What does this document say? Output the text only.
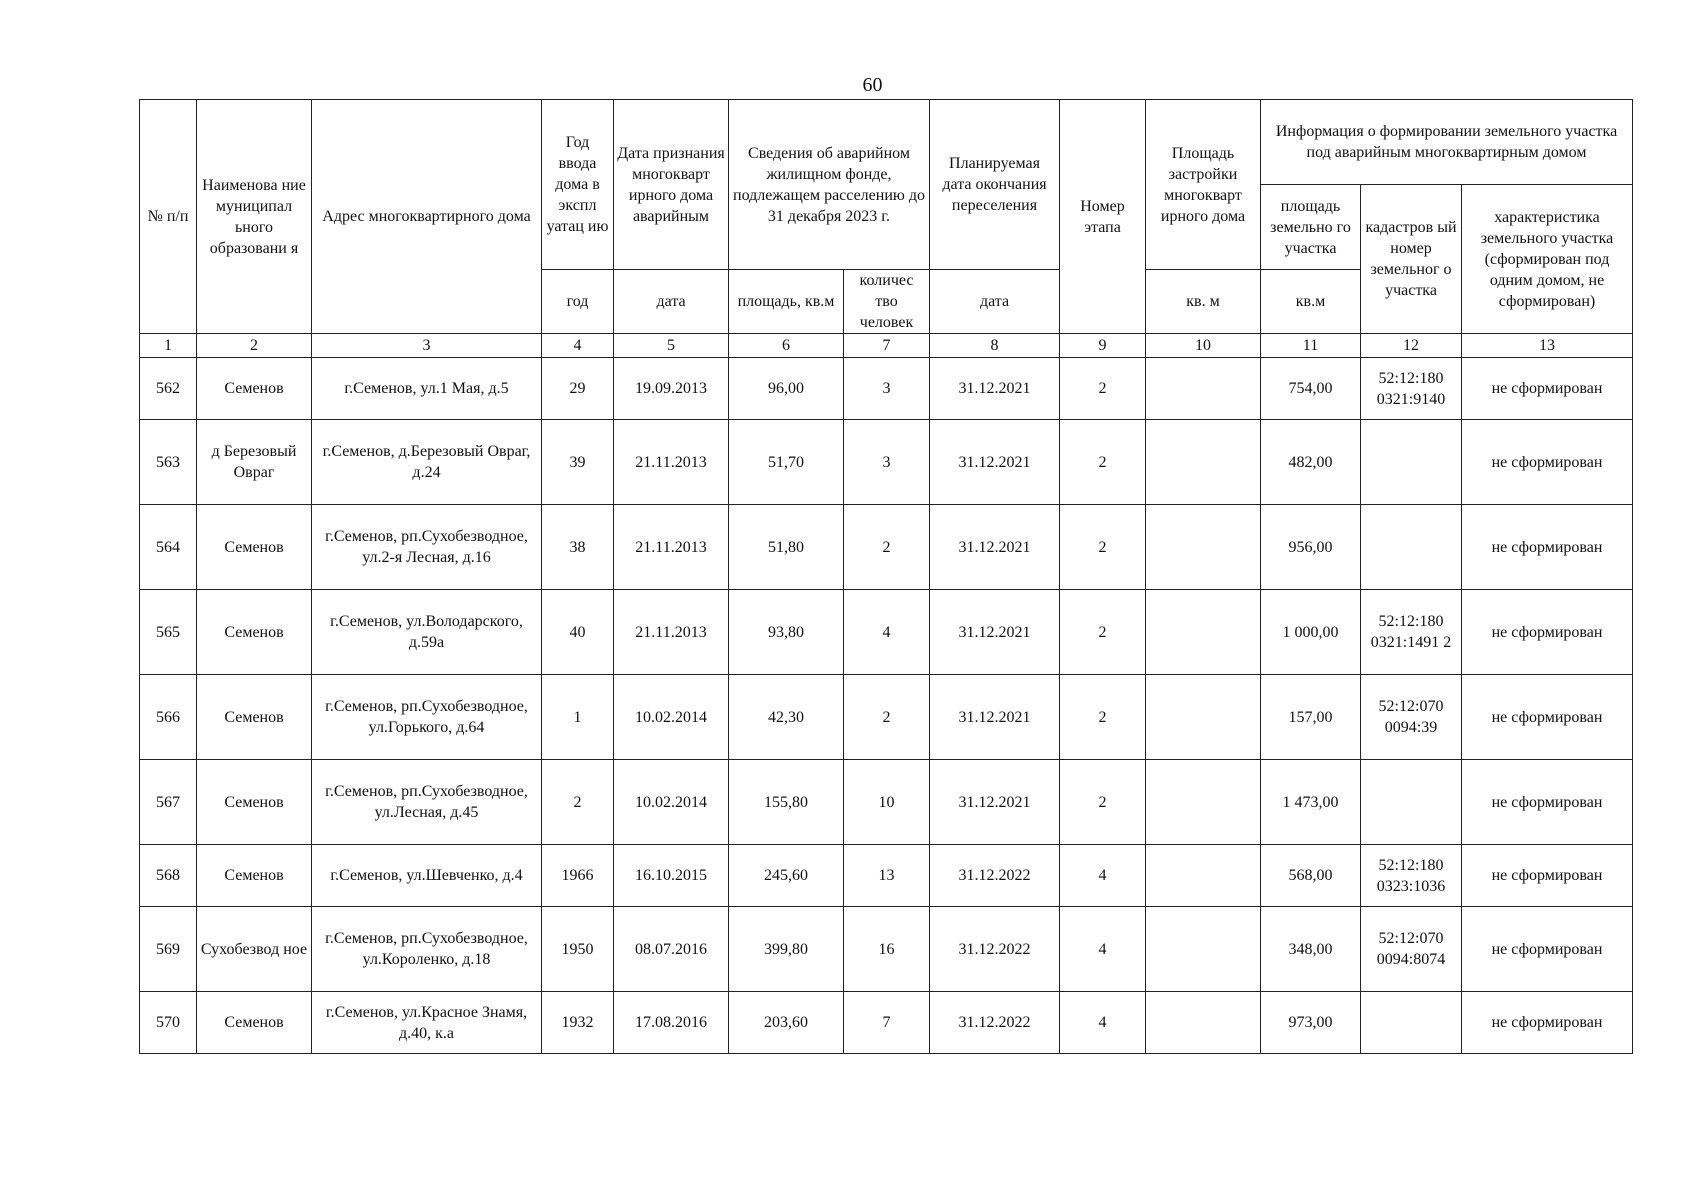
60
№ п/п	Наименова ние муниципал ьного образовани я	Адрес многоквартирного дома	Год ввода дома в экспл уатац ию	Дата признания многокварт ирного дома аварийным	Сведения об аварийном жилищном фонде, подлежащем расселению до 31 декабря 2023 г.		Планируемая дата окончания переселения	Номер этапа	Площадь застройки многокварт ирного дома	Информация о формировании земельного участка под аварийным многоквартирным домом		
										площадь земельно го участка	кадастров ый номер земельног о участка	характеристика земельного участка (сформирован под одним домом, не сформирован)
			год	дата	площадь, кв.м	количес тво человек	дата		кв. м	кв.м		
1	2	3	4	5	6	7	8	9	10	11	12	13
562	Семенов	г.Семенов, ул.1 Мая, д.5	29	19.09.2013	96,00	3	31.12.2021	2		754,00	52:12:180 0321:9140	не сформирован
563	д Березовый Овраг	г.Семенов, д.Березовый Овраг, д.24	39	21.11.2013	51,70	3	31.12.2021	2		482,00		не сформирован
564	Семенов	г.Семенов, рп.Сухобезводное, ул.2-я Лесная, д.16	38	21.11.2013	51,80	2	31.12.2021	2		956,00		не сформирован
565	Семенов	г.Семенов, ул.Володарского, д.59а	40	21.11.2013	93,80	4	31.12.2021	2		1 000,00	52:12:180 0321:1491 2	не сформирован
566	Семенов	г.Семенов, рп.Сухобезводное, ул.Горького, д.64	1	10.02.2014	42,30	2	31.12.2021	2		157,00	52:12:070 0094:39	не сформирован
567	Семенов	г.Семенов, рп.Сухобезводное, ул.Лесная, д.45	2	10.02.2014	155,80	10	31.12.2021	2		1 473,00		не сформирован
568	Семенов	г.Семенов, ул.Шевченко, д.4	1966	16.10.2015	245,60	13	31.12.2022	4		568,00	52:12:180 0323:1036	не сформирован
569	Сухобезвод ное	г.Семенов, рп.Сухобезводное, ул.Короленко, д.18	1950	08.07.2016	399,80	16	31.12.2022	4		348,00	52:12:070 0094:8074	не сформирован
570	Семенов	г.Семенов, ул.Красное Знамя, д.40, к.а	1932	17.08.2016	203,60	7	31.12.2022	4		973,00		не сформирован
